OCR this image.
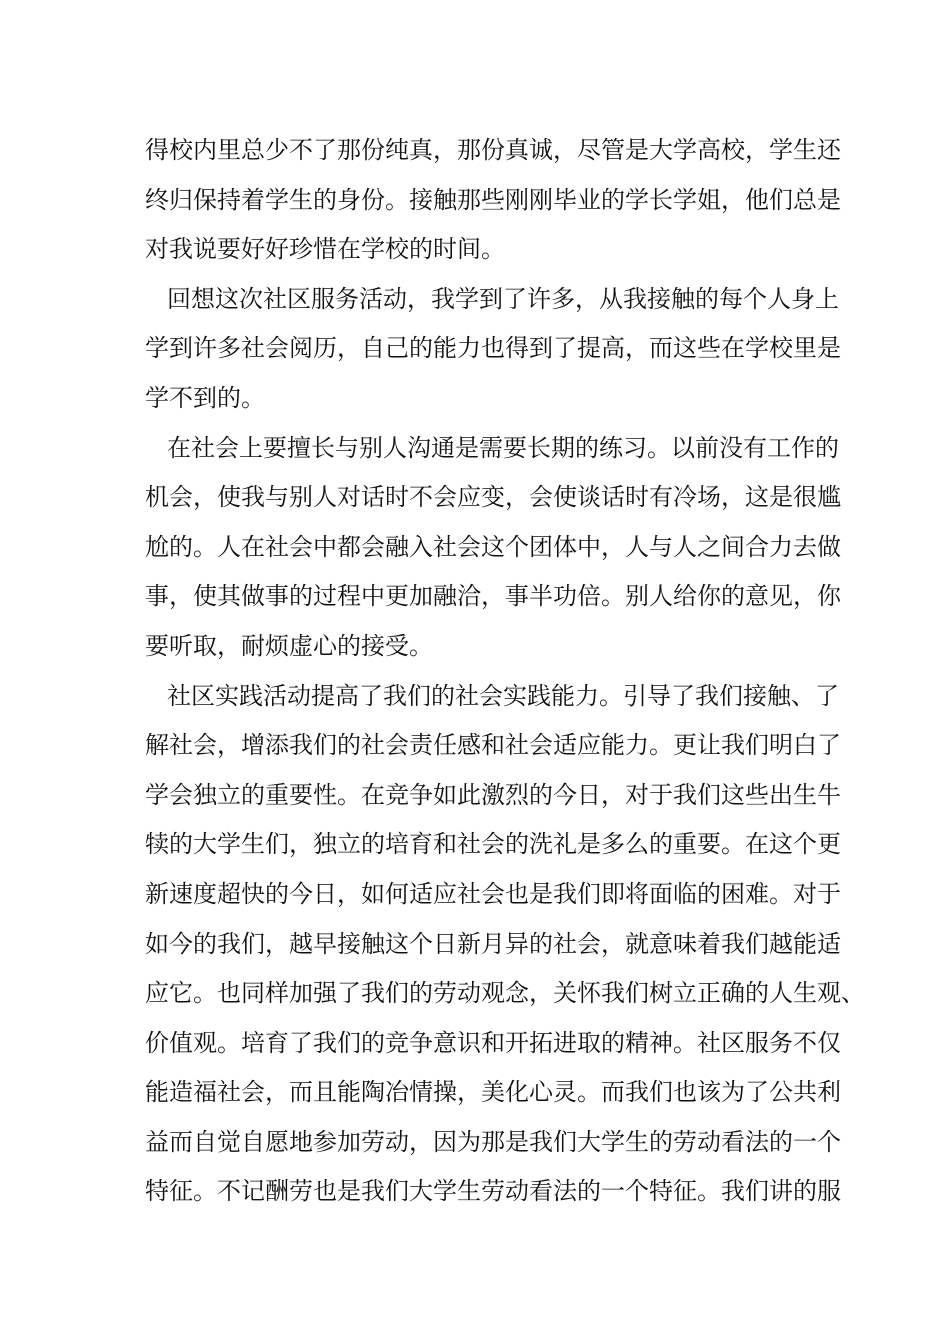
得校内里总少不了那份纯真，那份真诚，尽管是大学高校，学生还
终归保持着学生的身份。接触那些刚刚毕业的学长学姐，他们总是
对我说要好好珍惜在学校的时间。
回想这次社区服务活动，我学到了许多，从我接触的每个人身上
学到许多社会阅历，自己的能力也得到了提高，而这些在学校里是
学不到的。
在社会上要擅长与别人沟通是需要长期的练习。以前没有工作的
机会，使我与别人对话时不会应变，会使谈话时有冷场，这是很尴
尬的。人在社会中都会融入社会这个团体中，人与人之间合力去做
事，使其做事的过程中更加融洽，事半功倍。别人给你的意见，你
要听取，耐烦虚心的接受。
社区实践活动提高了我们的社会实践能力。引导了我们接触、了
解社会，增添我们的社会责任感和社会适应能力。更让我们明白了
学会独立的重要性。在竞争如此激烈的今日，对于我们这些出生牛
犊的大学生们，独立的培育和社会的洗礼是多么的重要。在这个更
新速度超快的今日，如何适应社会也是我们即将面临的困难。对于
如今的我们，越早接触这个日新月异的社会，就意味着我们越能适
应它。也同样加强了我们的劳动观念，关怀我们树立正确的人生观、
价值观。培育了我们的竞争意识和开拓进取的精神。社区服务不仅
能造福社会，而且能陶冶情操，美化心灵。而我们也该为了公共利
益而自觉自愿地参加劳动，因为那是我们大学生的劳动看法的一个
特征。不记酬劳也是我们大学生劳动看法的一个特征。我们讲的服
